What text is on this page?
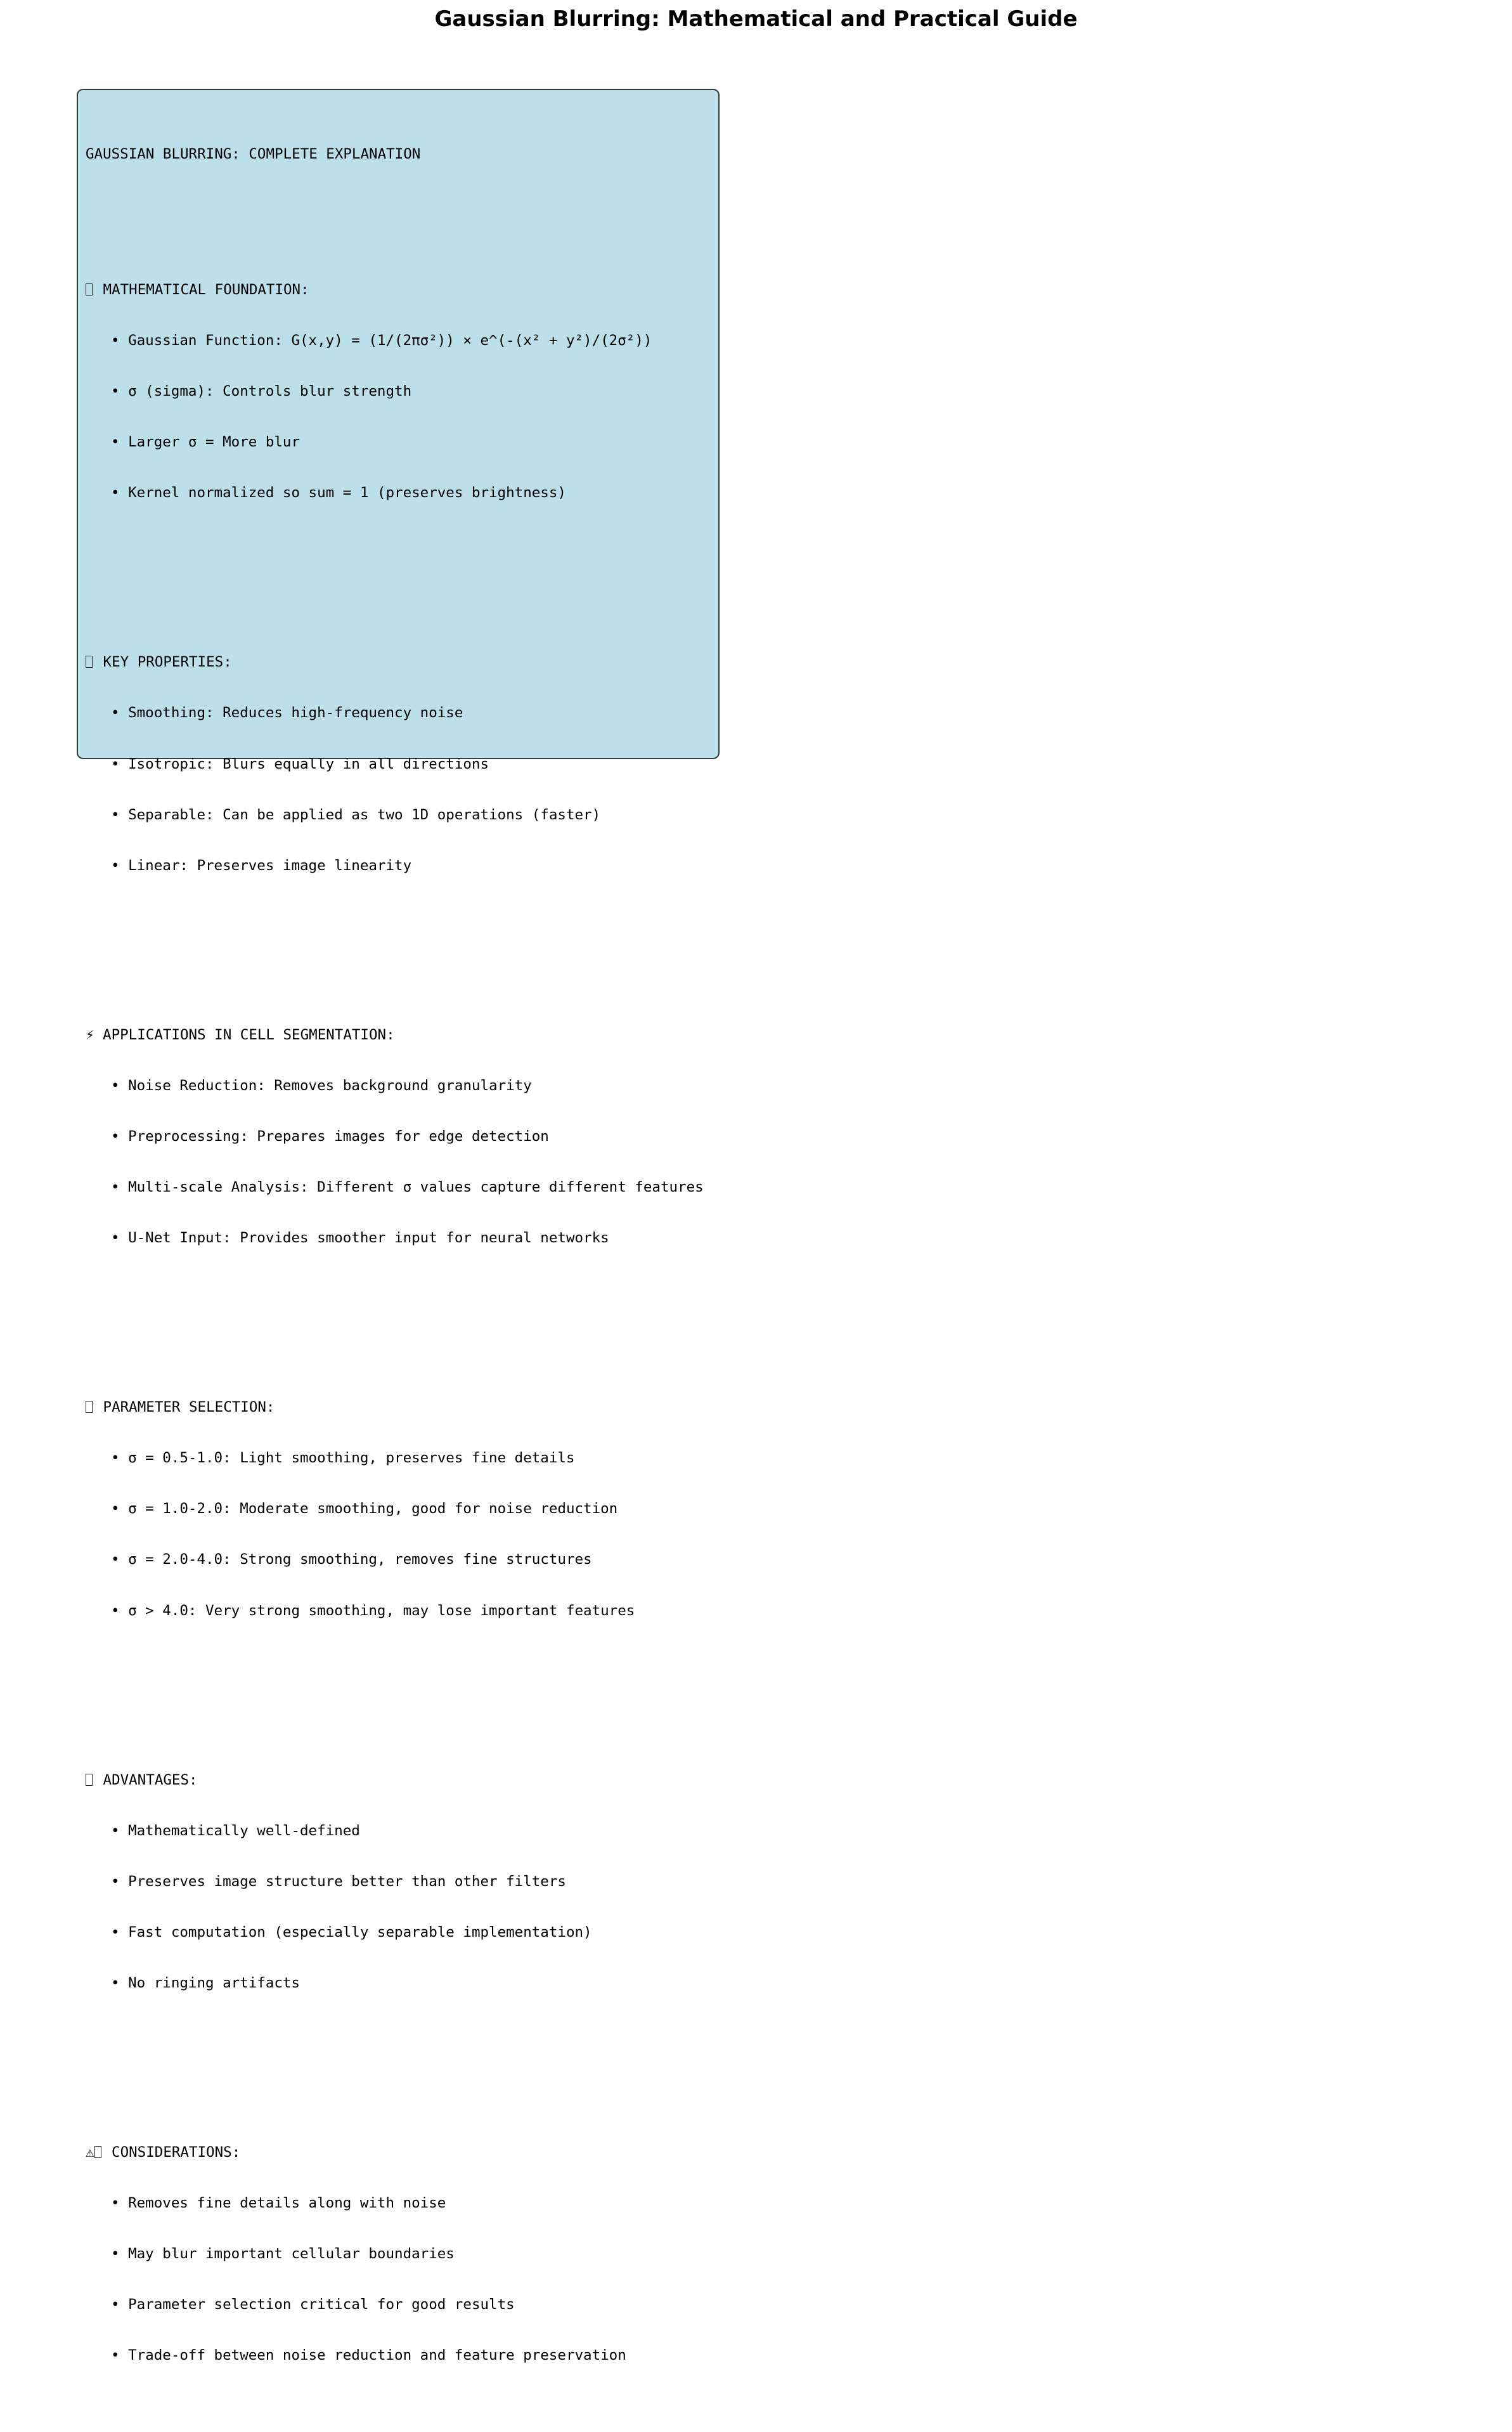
Gaussian Blurring: Mathematical and Practical Guide

GAUSSIAN BLURRING: COMPLETE EXPLANATION

MATHEMATICAL FOUNDATION:

• Gaussian Function: G(x,y) = (1/(2πσ²)) × e^(-(x² + y²)/(2σ²))

• σ (sigma): Controls blur strength

• Larger σ = More blur

• Kernel normalized so sum = 1 (preserves brightness)

KEY PROPERTIES:

• Smoothing: Reduces high-frequency noise

• Isotropic: Blurs equally in all directions

• Separable: Can be applied as two 1D operations (faster)

• Linear: Preserves image linearity

⚡ APPLICATIONS IN CELL SEGMENTATION:

• Noise Reduction: Removes background granularity

• Preprocessing: Prepares images for edge detection

• Multi-scale Analysis: Different σ values capture different features

• U-Net Input: Provides smoother input for neural networks

PARAMETER SELECTION:

• σ = 0.5-1.0: Light smoothing, preserves fine details

• σ = 1.0-2.0: Moderate smoothing, good for noise reduction

• σ = 2.0-4.0: Strong smoothing, removes fine structures

• σ > 4.0: Very strong smoothing, may lose important features

ADVANTAGES:

• Mathematically well-defined

• Preserves image structure better than other filters

• Fast computation (especially separable implementation)

• No ringing artifacts

⚠ CONSIDERATIONS:

• Removes fine details along with noise

• May blur important cellular boundaries

• Parameter selection critical for good results

• Trade-off between noise reduction and feature preservation
